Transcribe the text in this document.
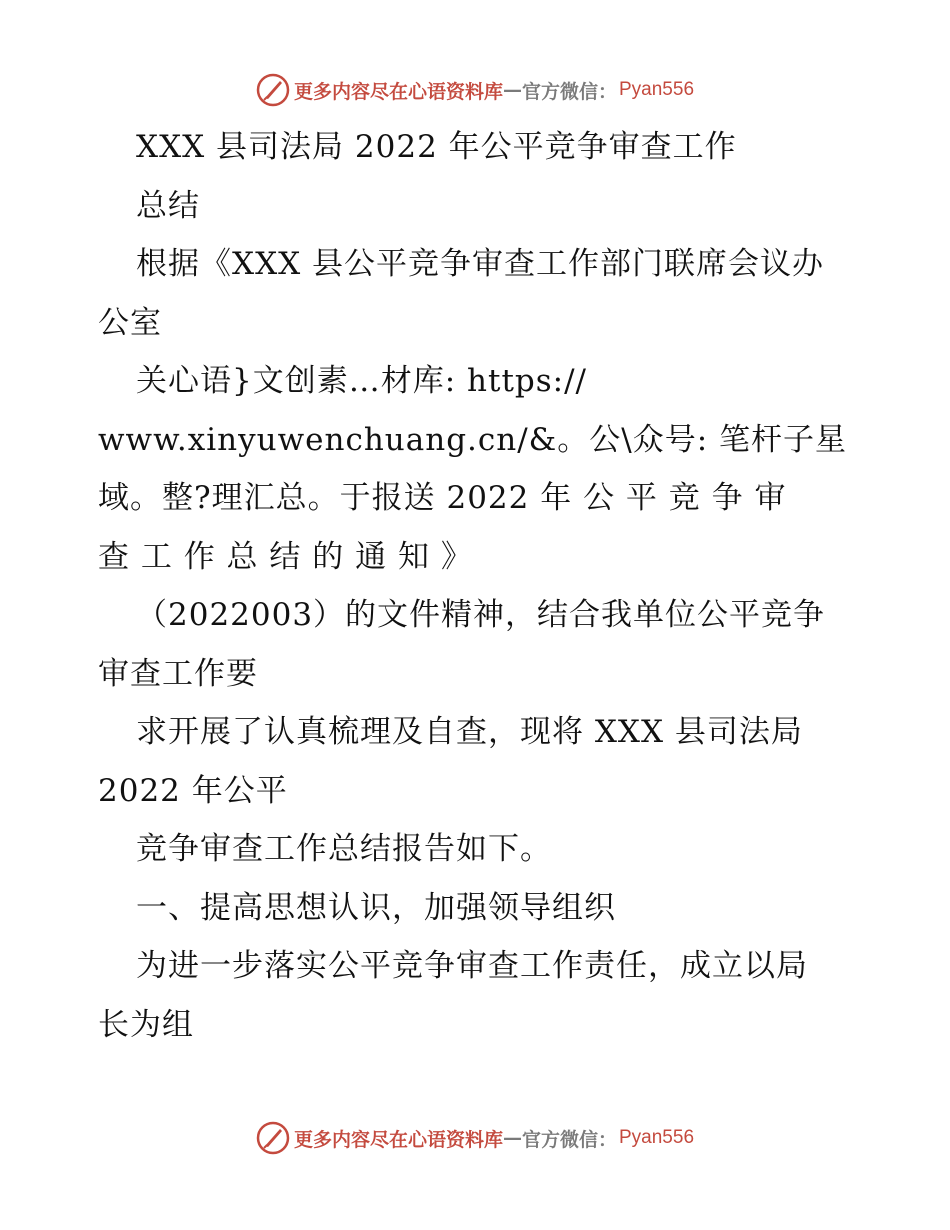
更多内容尽在心语资料库 — 官方微信： Pyan556
XXX 县司法局 2022 年公平竞争审查工作
总结
根据《XXX 县公平竞争审查工作部门联席会议办
公室
关心语}文创素…材库: https://
www.xinyuwenchuang.cn/&。公\众号: 笔杆子星
域。整?理汇总。于报送 2022 年 公 平 竞 争 审
查 工 作 总 结 的 通 知 》
（2022003）的文件精神，结合我单位公平竞争
审查工作要
求开展了认真梳理及自查，现将 XXX 县司法局
2022 年公平
竞争审查工作总结报告如下。
一、提高思想认识，加强领导组织
为进一步落实公平竞争审查工作责任，成立以局
长为组
更多内容尽在心语资料库 — 官方微信： Pyan556
